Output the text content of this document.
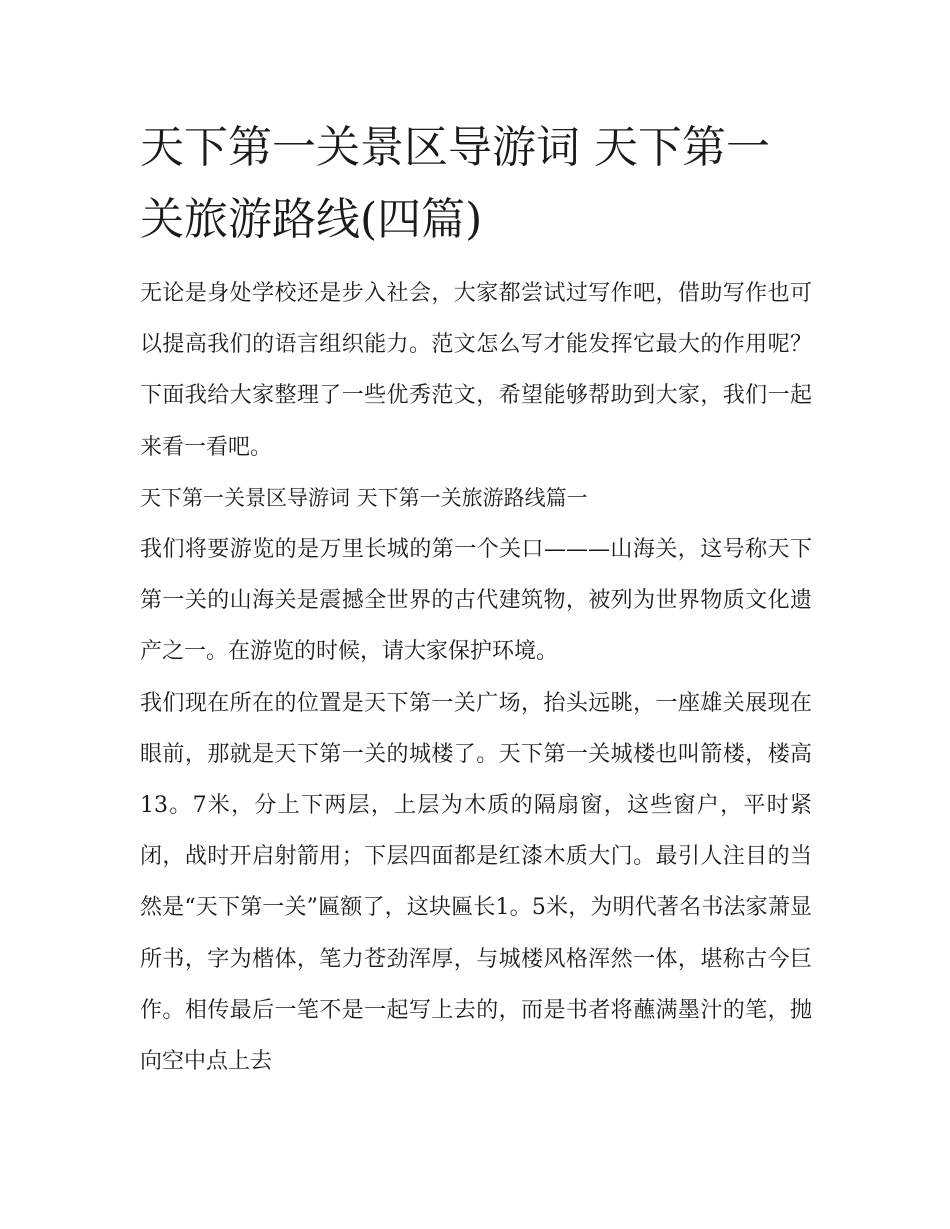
天下第一关景区导游词 天下第一关旅游路线(四篇)

无论是身处学校还是步入社会，大家都尝试过写作吧，借助写作也可以提高我们的语言组织能力。范文怎么写才能发挥它最大的作用呢？下面我给大家整理了一些优秀范文，希望能够帮助到大家，我们一起来看一看吧。

天下第一关景区导游词 天下第一关旅游路线篇一

我们将要游览的是万里长城的第一个关口———山海关，这号称天下第一关的山海关是震撼全世界的古代建筑物，被列为世界物质文化遗产之一。在游览的时候，请大家保护环境。

我们现在所在的位置是天下第一关广场，抬头远眺，一座雄关展现在眼前，那就是天下第一关的城楼了。天下第一关城楼也叫箭楼，楼高13。7米，分上下两层，上层为木质的隔扇窗，这些窗户，平时紧闭，战时开启射箭用；下层四面都是红漆木质大门。最引人注目的当然是“天下第一关”匾额了，这块匾长1。5米，为明代著名书法家萧显所书，字为楷体，笔力苍劲浑厚，与城楼风格浑然一体，堪称古今巨作。相传最后一笔不是一起写上去的，而是书者将蘸满墨汁的笔，抛向空中点上去
